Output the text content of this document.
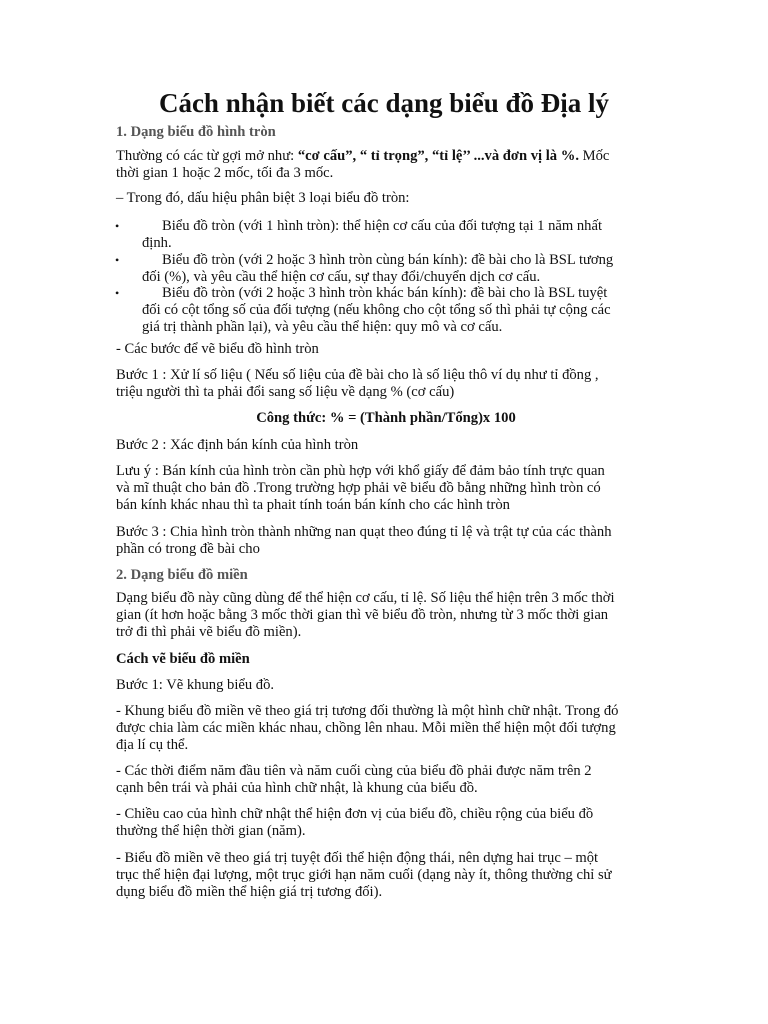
Cách nhận biết các dạng biểu đồ Địa lý
1. Dạng biểu đồ hình tròn
Thường có các từ gợi mở như: “cơ cấu”, “ tỉ trọng”, “tỉ lệ’’ ...và đơn vị là %. Mốc
thời gian 1 hoặc 2 mốc, tối đa 3 mốc.
– Trong đó, dấu hiệu phân biệt 3 loại biểu đồ tròn:
•	Biểu đồ tròn (với 1 hình tròn): thể hiện cơ cấu của đối tượng tại 1 năm nhất
định.
•	Biểu đồ tròn (với 2 hoặc 3 hình tròn cùng bán kính): đề bài cho là BSL tương
đối (%), và yêu cầu thể hiện cơ cấu, sự thay đổi/chuyển dịch cơ cấu.
•	Biểu đồ tròn (với 2 hoặc 3 hình tròn khác bán kính): đề bài cho là BSL tuyệt
đối có cột tổng số của đối tượng (nếu không cho cột tổng số thì phải tự cộng các
giá trị thành phần lại), và yêu cầu thể hiện: quy mô và cơ cấu.
- Các bước để vẽ biểu đồ hình tròn
Bước 1 : Xử lí số liệu ( Nếu số liệu của đề bài cho là số liệu thô ví dụ như tỉ đồng ,
triệu người thì ta phải đổi sang số liệu về dạng % (cơ cấu)
Công thức: % = (Thành phần/Tổng)x 100
Bước 2 : Xác định bán kính của hình tròn
Lưu ý : Bán kính của hình tròn cần phù hợp với khổ giấy để đảm bảo tính trực quan
và mĩ thuật cho bản đồ .Trong trường hợp phải vẽ biểu đồ bằng những hình tròn có
bán kính khác nhau thì ta phait tính toán bán kính cho các hình tròn
Bước 3 : Chia hình tròn thành những nan quạt theo đúng tỉ lệ và trật tự của các thành
phần có trong đề bài cho
2. Dạng biểu đồ miền
Dạng biểu đồ này cũng dùng để thể hiện cơ cấu, tỉ lệ. Số liệu thể hiện trên 3 mốc thời
gian (ít hơn hoặc bằng 3 mốc thời gian thì vẽ biểu đồ tròn, nhưng từ 3 mốc thời gian
trở đi thì phải vẽ biểu đồ miền).
Cách vẽ biểu đồ miền
Bước 1: Vẽ khung biểu đồ.
- Khung biểu đồ miền vẽ theo giá trị tương đối thường là một hình chữ nhật. Trong đó
được chia làm các miền khác nhau, chồng lên nhau. Mỗi miền thể hiện một đối tượng
địa lí cụ thể.
- Các thời điểm năm đầu tiên và năm cuối cùng của biểu đồ phải được năm trên 2
cạnh bên trái và phải của hình chữ nhật, là khung của biểu đồ.
- Chiều cao của hình chữ nhật thể hiện đơn vị của biểu đồ, chiều rộng của biểu đồ
thường thể hiện thời gian (năm).
- Biểu đồ miền vẽ theo giá trị tuyệt đối thể hiện động thái, nên dựng hai trục – một
trục thể hiện đại lượng, một trục giới hạn năm cuối (dạng này ít, thông thường chỉ sử
dụng biểu đồ miền thể hiện giá trị tương đối).
